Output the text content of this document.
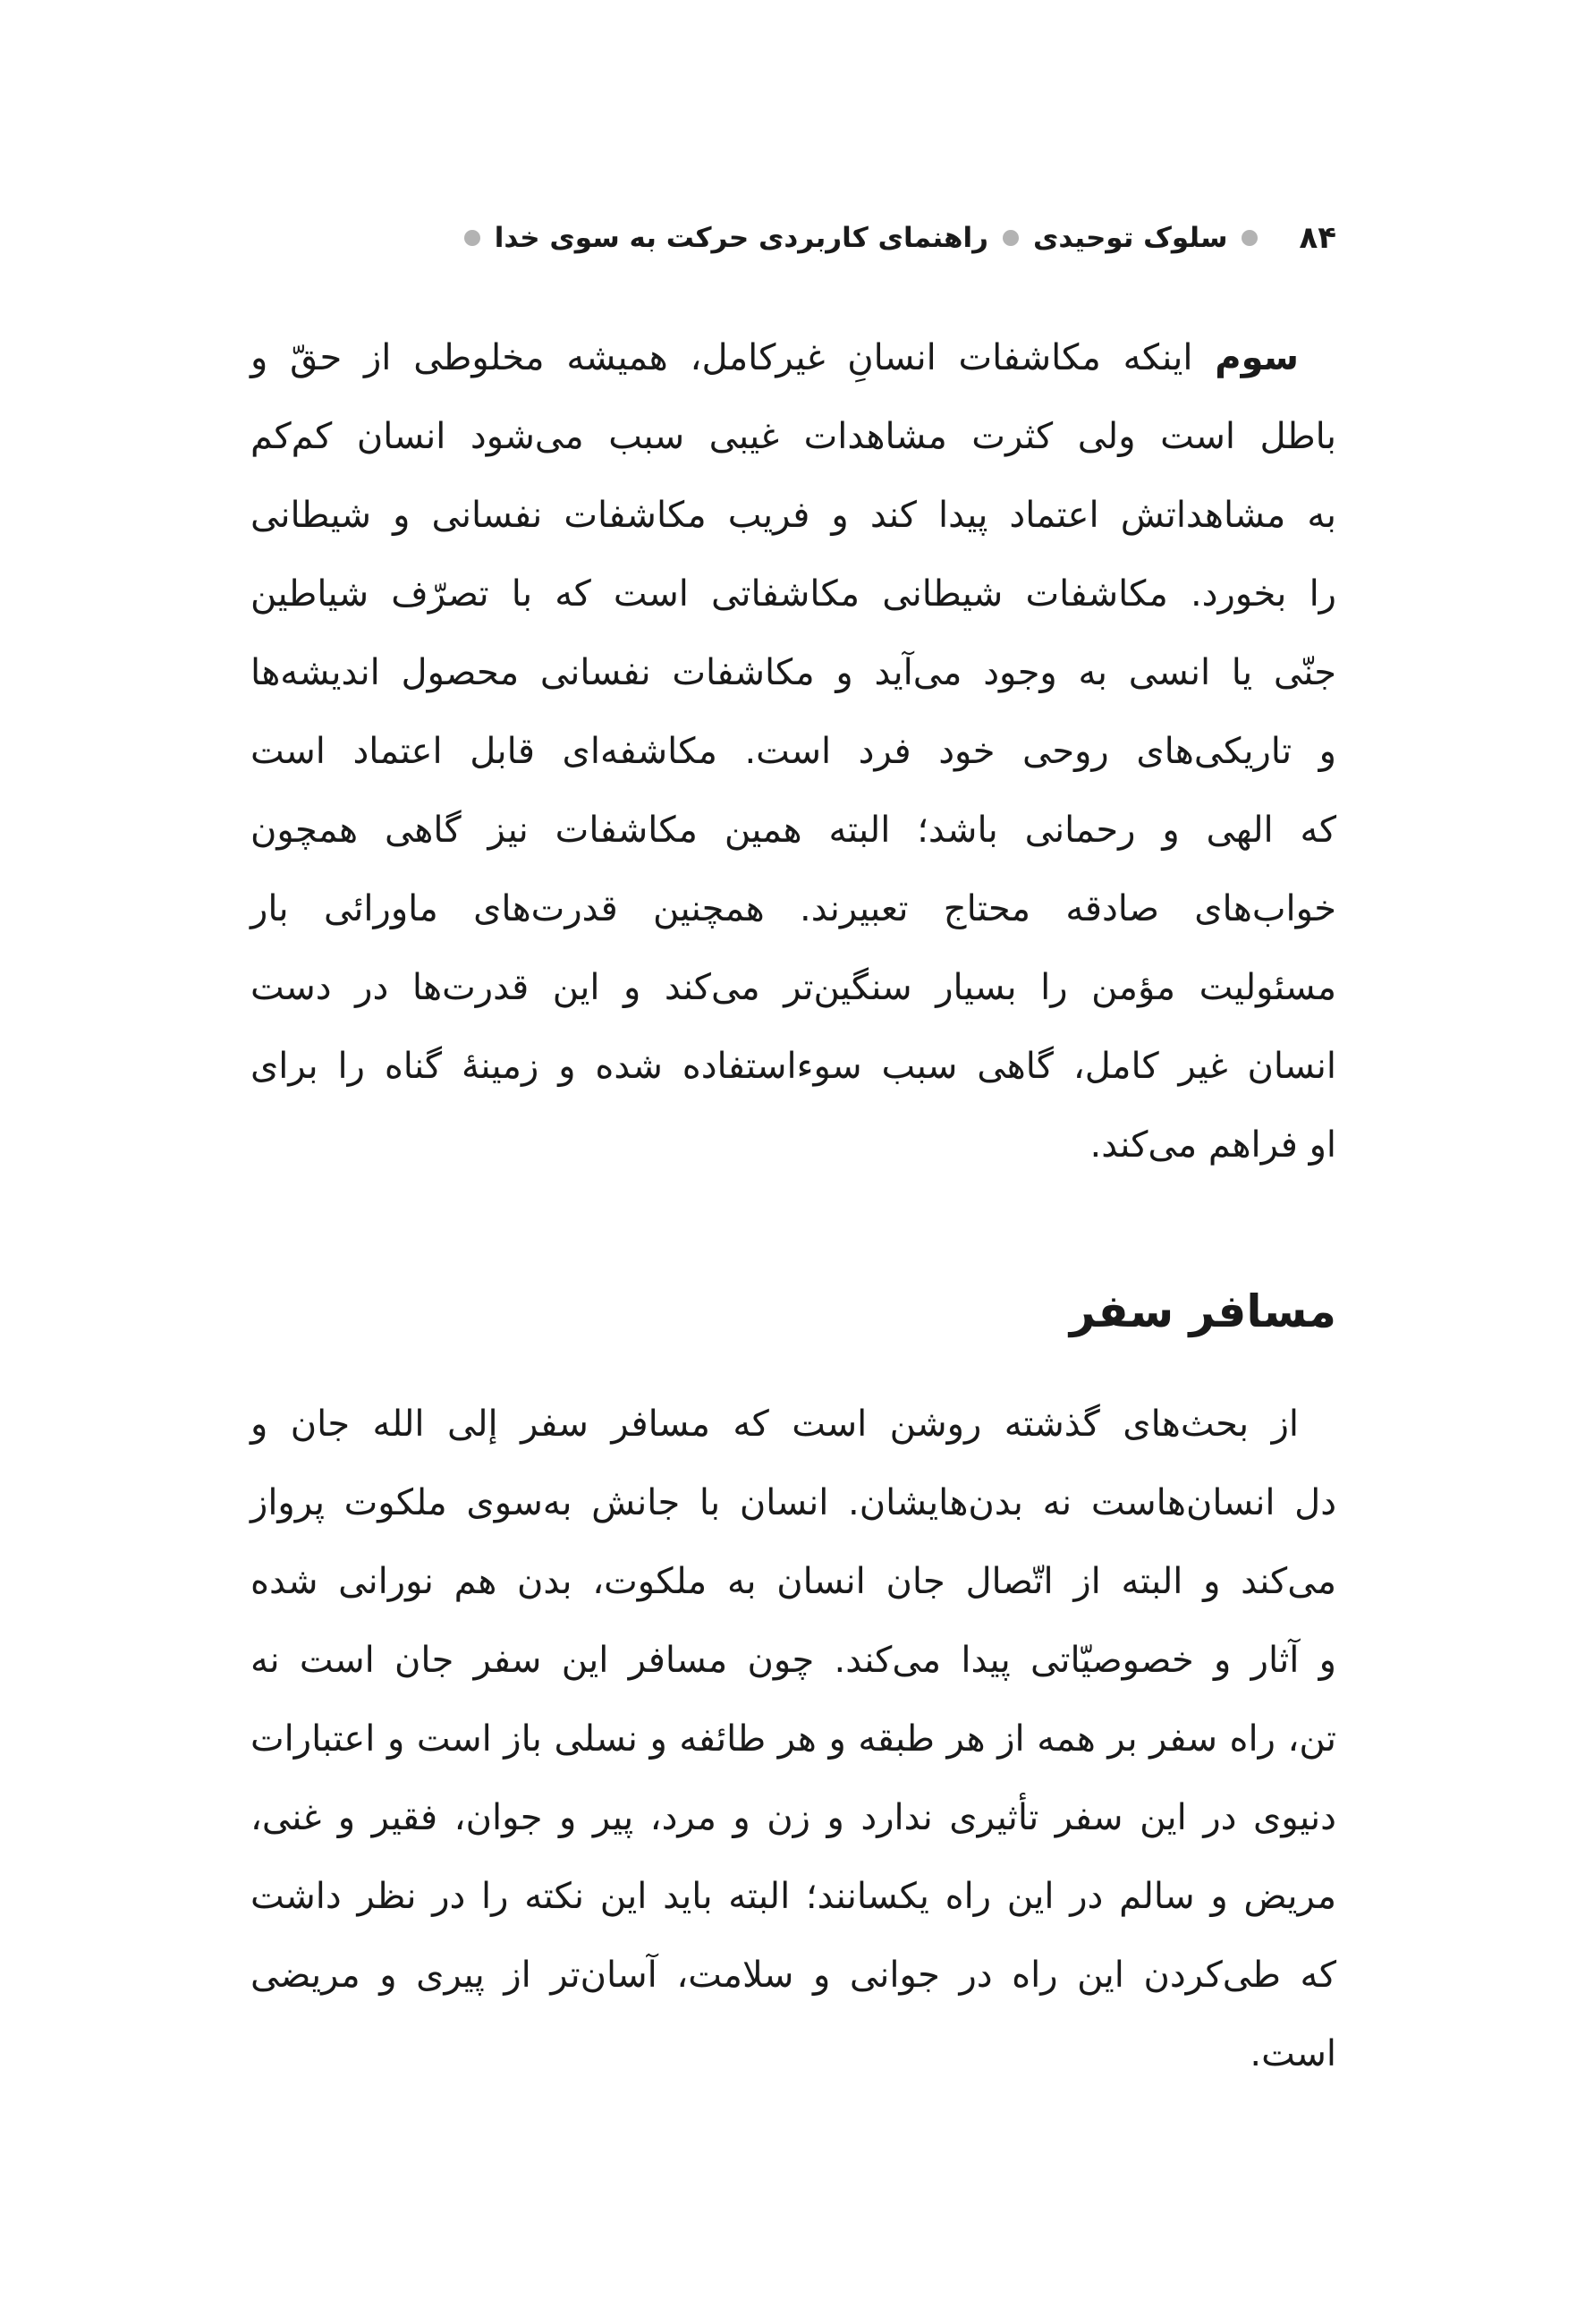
۸۴
سلوک توحیدی
راهنمای کاربردی حرکت به سوی خدا
سوم اینکه مکاشفات انسانِ غیرکامل، همیشه مخلوطی از حقّ و
باطل است ولی کثرت مشاهدات غیبی سبب می‌شود انسان کم‌کم
به مشاهداتش اعتماد پیدا کند و فریب مکاشفات نفسانی و شیطانی
را بخورد. مکاشفات شیطانی مکاشفاتی است که با تصرّف شیاطین
جنّی یا انسی به وجود می‌آید و مکاشفات نفسانی محصول اندیشه‌ها
و تاریکی‌های روحی خود فرد است. مکاشفه‌ای قابل اعتماد است
که الهی و رحمانی باشد؛ البته همین مکاشفات نیز گاهی همچون
خواب‌های صادقه محتاج تعبیرند. همچنین قدرت‌های ماورائی بار
مسئولیت مؤمن را بسیار سنگین‌تر می‌کند و این قدرت‌ها در دست
انسان غیر کامل، گاهی سبب سوءاستفاده شده و زمینهٔ گناه را برای
او فراهم می‌کند.
مسافر سفر
از بحث‌های گذشته روشن است که مسافر سفر إلی الله جان و
دل انسان‌هاست نه بدن‌هایشان. انسان با جانش به‌سوی ملکوت پرواز
می‌کند و البته از اتّصال جان انسان به ملکوت، بدن هم نورانی شده
و آثار و خصوصیّاتی پیدا می‌کند. چون مسافر این سفر جان است نه
تن، راه سفر بر همه از هر طبقه و هر طائفه و نسلی باز است و اعتبارات
دنیوی در این سفر تأثیری ندارد و زن و مرد، پیر و جوان، فقیر و غنی،
مریض و سالم در این راه یکسانند؛ البته باید این نکته را در نظر داشت
که طی‌کردن این راه در جوانی و سلامت، آسان‌تر از پیری و مریضی
است.
